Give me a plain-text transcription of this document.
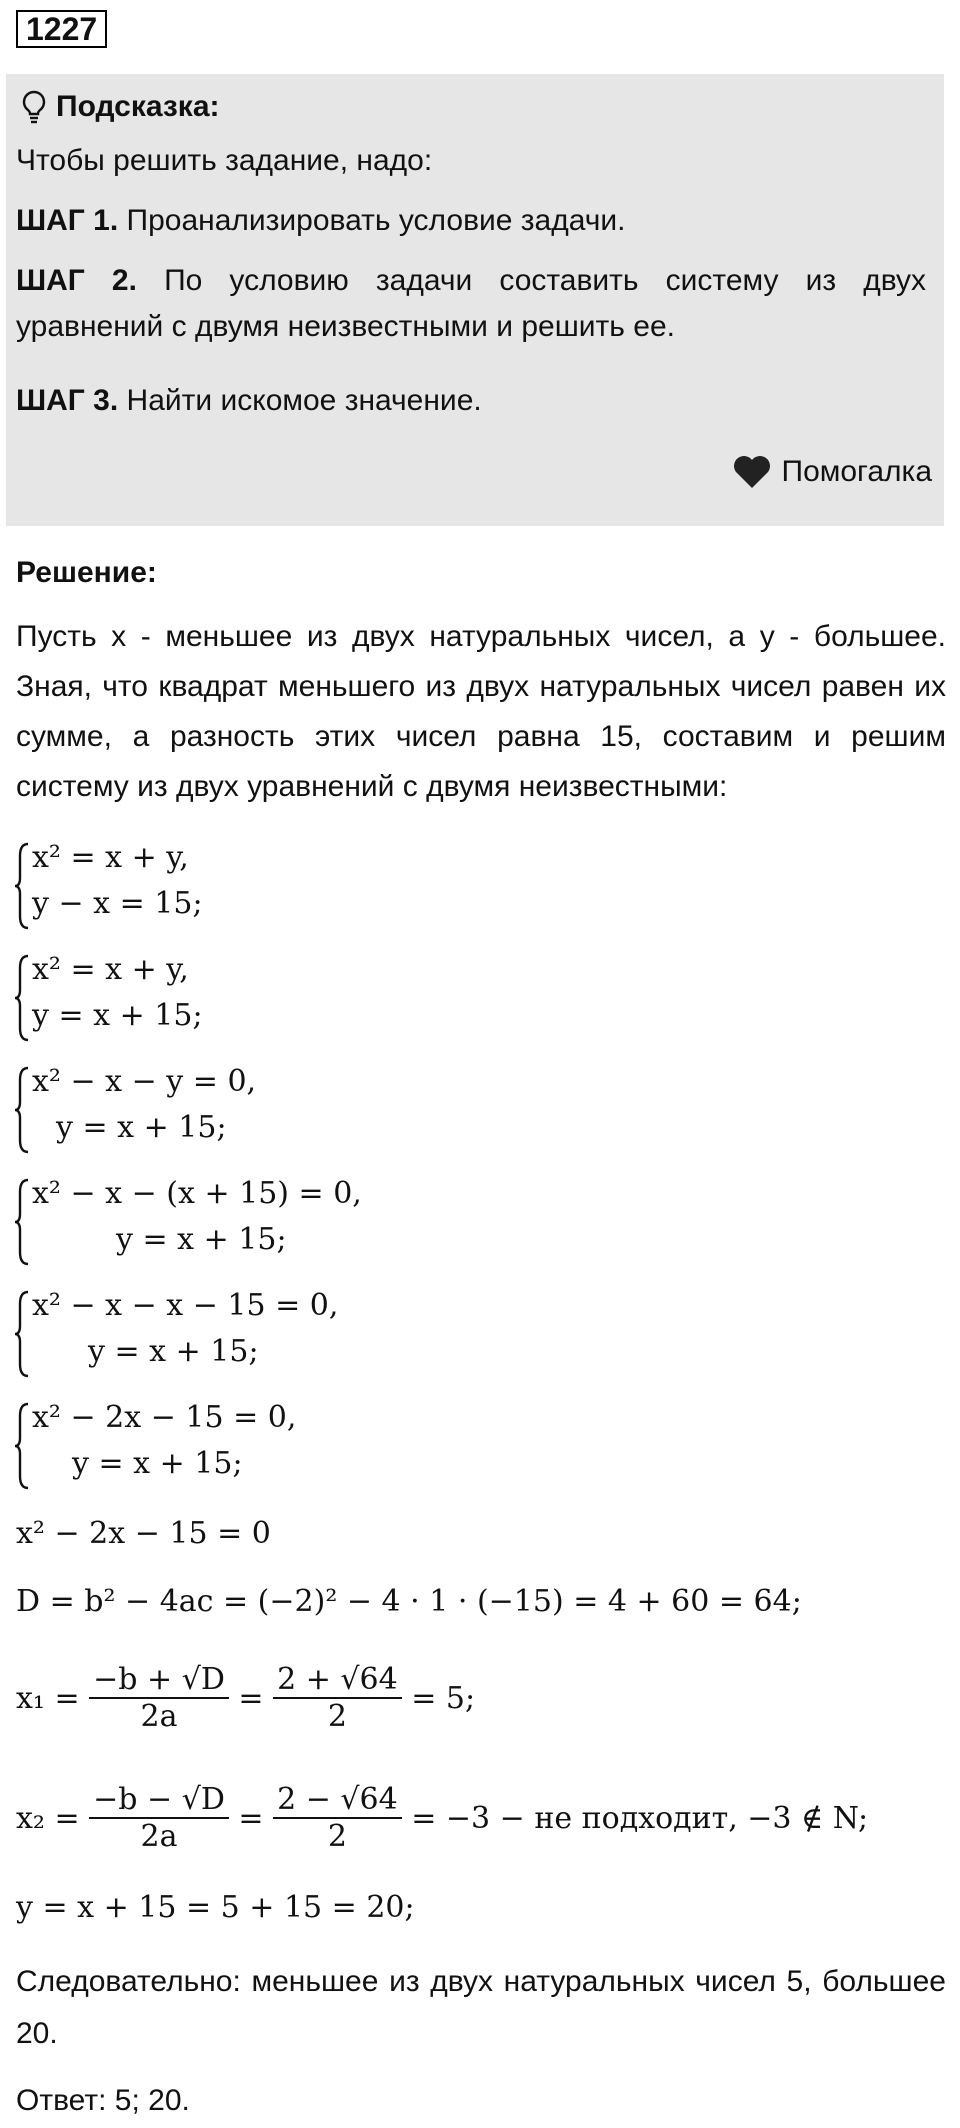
1227
Подсказка:
Чтобы решить задание, надо:
ШАГ 1. Проанализировать условие задачи.
ШАГ 2. По условию задачи составить систему из двух уравнений с двумя неизвестными и решить ее.
ШАГ 3. Найти искомое значение.
Помогалка
Решение:
Пусть x - меньшее из двух натуральных чисел, а y - большее. Зная, что квадрат меньшего из двух натуральных чисел равен их сумме, а разность этих чисел равна 15, составим и решим систему из двух уравнений с двумя неизвестными:
x² = x + y,
y − x = 15;
x² = x + y,
y = x + 15;
x² − x − y = 0,
y = x + 15;
x² − x − (x + 15) = 0,
y = x + 15;
x² − x − x − 15 = 0,
y = x + 15;
x² − 2x − 15 = 0,
y = x + 15;
x² − 2x − 15 = 0
D = b² − 4ac = (−2)² − 4 · 1 · (−15) = 4 + 60 = 64;
x₁ =
$\frac{-b + √D}{2a} = \frac{2 + √64}{2}$
= 5;
x₂ =
$\frac{-b - √D}{2a} = \frac{2 - √64}{2}$
= −3 − не подходит, −3 ∉ N;
y = x + 15 = 5 + 15 = 20;
Следовательно: меньшее из двух натуральных чисел 5, большее 20.
Ответ: 5; 20.
